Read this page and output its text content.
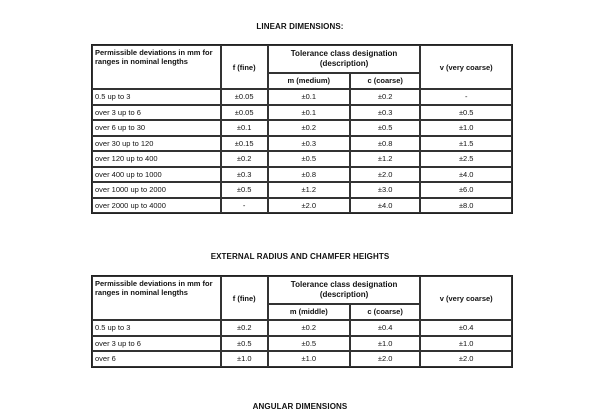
LINEAR DIMENSIONS:
Permissible deviations in mm for ranges in nominal lengths	f (fine)	Tolerance class designation (description)		v (very coarse)
		m (medium)	c (coarse)	
0.5 up to 3	±0.05	±0.1	±0.2	-
over 3 up to 6	±0.05	±0.1	±0.3	±0.5
over 6 up to 30	±0.1	±0.2	±0.5	±1.0
over 30 up to 120	±0.15	±0.3	±0.8	±1.5
over 120 up to 400	±0.2	±0.5	±1.2	±2.5
over 400 up to 1000	±0.3	±0.8	±2.0	±4.0
over 1000 up to 2000	±0.5	±1.2	±3.0	±6.0
over 2000 up to 4000	-	±2.0	±4.0	±8.0
EXTERNAL RADIUS AND CHAMFER HEIGHTS
Permissible deviations in mm for ranges in nominal lengths	f (fine)	Tolerance class designation (description)		v (very coarse)
		m (middle)	c (coarse)	
0.5 up to 3	±0.2	±0.2	±0.4	±0.4
over 3 up to 6	±0.5	±0.5	±1.0	±1.0
over 6	±1.0	±1.0	±2.0	±2.0
ANGULAR DIMENSIONS
